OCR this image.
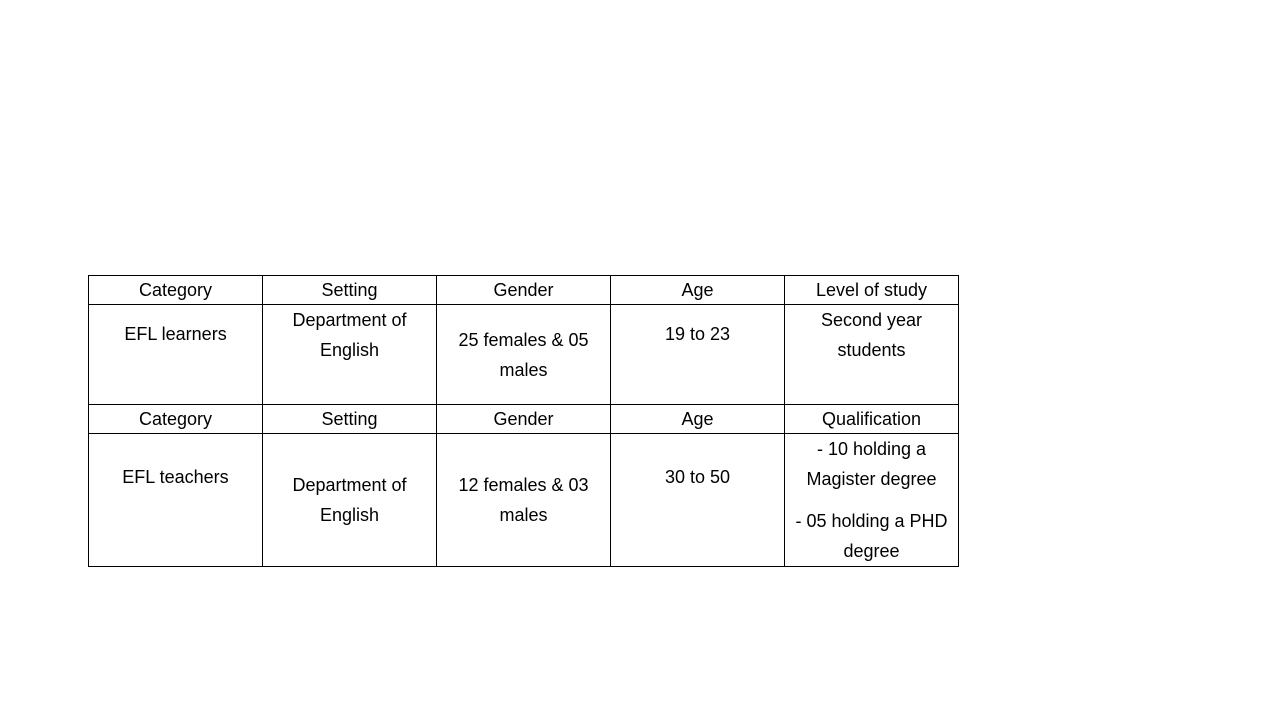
Category	Setting	Gender	Age	Level of study

EFL learners	Department of English	25 females & 05 males	19 to 23	Second year students

Category	Setting	Gender	Age	Qualification

EFL teachers	Department of English	12 females & 03 males	30 to 50	- 10 holding a Magister degree
- 05 holding a PHD degree
